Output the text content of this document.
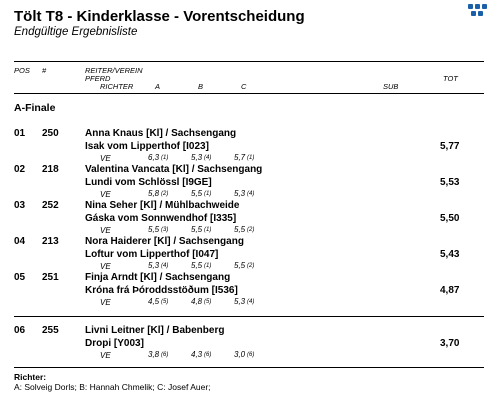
Tölt T8 - Kinderklasse - Vorentscheidung
Endgültige Ergebnisliste
POS #	REITER/VEREIN
PFERD
RICHTER	A	B	C	SUB
TOT
A-Finale
01 250	Anna Knaus [Kl] / Sachsengang
Isak vom Lipperthof [I023]	5,77
VE	6,3 (1)	5,3 (4)	5,7 (1)
02 218	Valentina Vancata [Kl] / Sachsengang
Lundi vom Schlössl [I9GE]	5,53
VE	5,8 (2)	5,5 (1)	5,3 (4)
03 252	Nina Seher [Kl] / Mühlbachweide
Gáska vom Sonnwendhof [I335]	5,50
VE	5,5 (3)	5,5 (1)	5,5 (2)
04 213	Nora Haiderer [Kl] / Sachsengang
Loftur vom Lipperthof [I047]	5,43
VE	5,3 (4)	5,5 (1)	5,5 (2)
05 251	Finja Arndt [Kl] / Sachsengang
Króna frá Þóroddsstöðum [I536]	4,87
VE	4,5 (5)	4,8 (5)	5,3 (4)
06 255	Livni Leitner [Kl] / Babenberg
Dropi [Y003]	3,70
VE	3,8 (6)	4,3 (6)	3,0 (6)
Richter:
A: Solveig Dorls; B: Hannah Chmelik; C: Josef Auer;
